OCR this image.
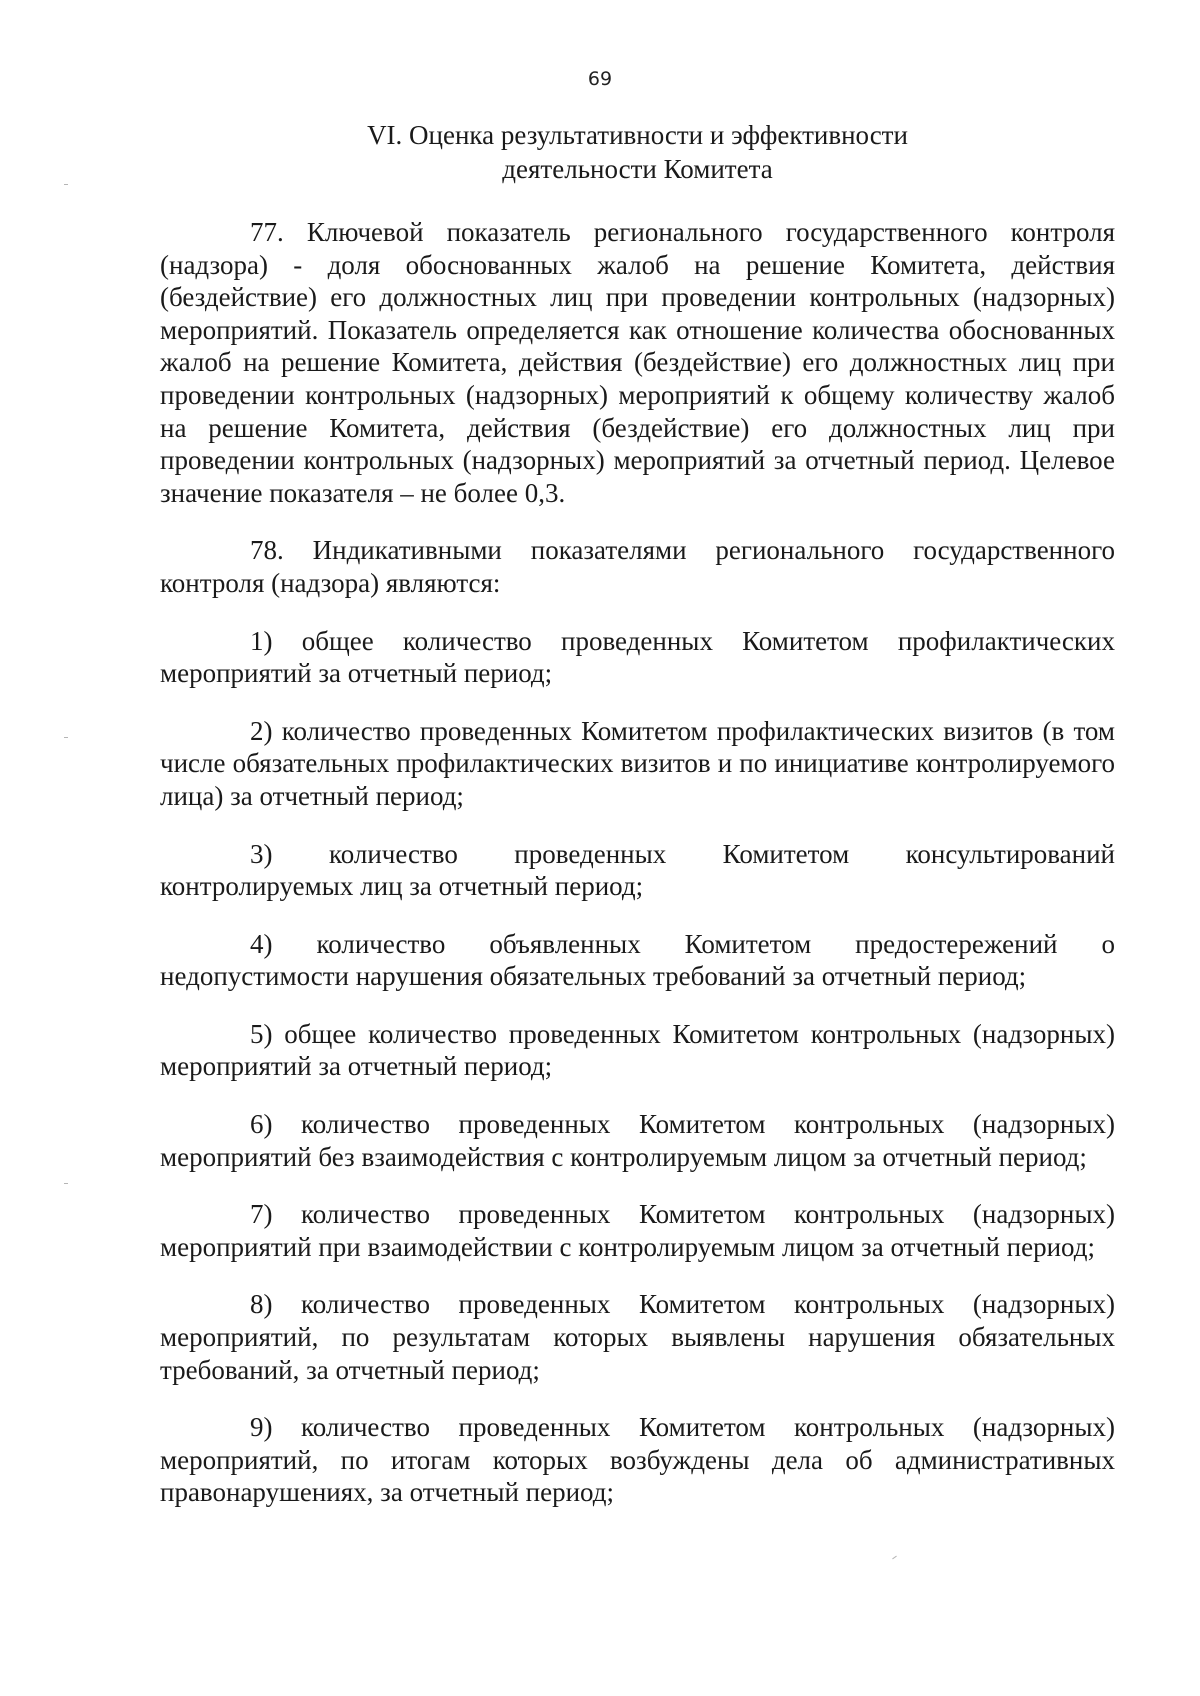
69
VI. Оценка результативности и эффективности
деятельности Комитета

77. Ключевой показатель регионального государственного контроля (надзора) - доля обоснованных жалоб на решение Комитета, действия (бездействие) его должностных лиц при проведении контрольных (надзорных) мероприятий. Показатель определяется как отношение количества обоснованных жалоб на решение Комитета, действия (бездействие) его должностных лиц при проведении контрольных (надзорных) мероприятий к общему количеству жалоб на решение Комитета, действия (бездействие) его должностных лиц при проведении контрольных (надзорных) мероприятий за отчетный период. Целевое значение показателя – не более 0,3.

78. Индикативными показателями регионального государственного контроля (надзора) являются:

1) общее количество проведенных Комитетом профилактических мероприятий за отчетный период;

2) количество проведенных Комитетом профилактических визитов (в том числе обязательных профилактических визитов и по инициативе контролируемого лица) за отчетный период;

3) количество проведенных Комитетом консультирований контролируемых лиц за отчетный период;

4) количество объявленных Комитетом предостережений о недопустимости нарушения обязательных требований за отчетный период;

5) общее количество проведенных Комитетом контрольных (надзорных) мероприятий за отчетный период;

6) количество проведенных Комитетом контрольных (надзорных) мероприятий без взаимодействия с контролируемым лицом за отчетный период;

7) количество проведенных Комитетом контрольных (надзорных) мероприятий при взаимодействии с контролируемым лицом за отчетный период;

8) количество проведенных Комитетом контрольных (надзорных) мероприятий, по результатам которых выявлены нарушения обязательных требований, за отчетный период;

9) количество проведенных Комитетом контрольных (надзорных) мероприятий, по итогам которых возбуждены дела об административных правонарушениях, за отчетный период;
